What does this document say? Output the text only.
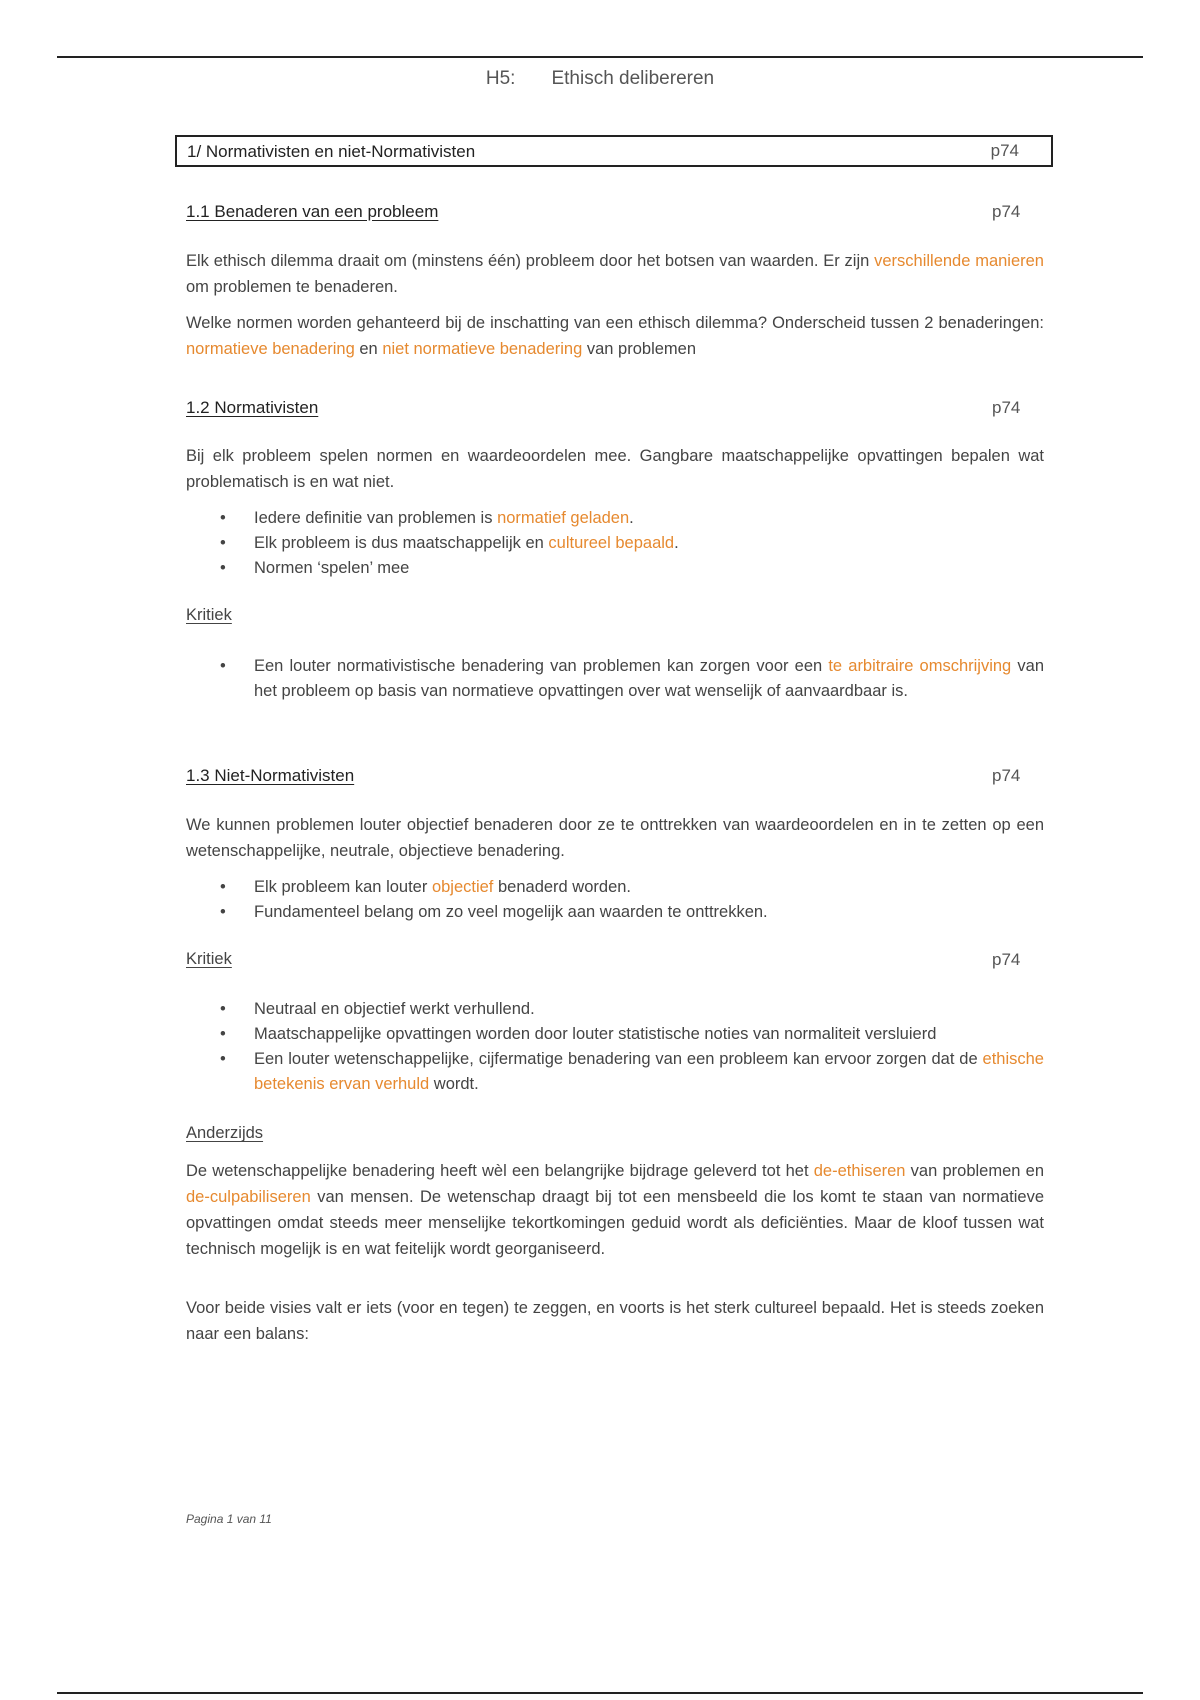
H5: Ethisch delibereren
1/ Normativisten en niet-Normativisten	p74
1.1 Benaderen van een probleem	p74
Elk ethisch dilemma draait om (minstens één) probleem door het botsen van waarden. Er zijn verschillende manieren om problemen te benaderen.
Welke normen worden gehanteerd bij de inschatting van een ethisch dilemma? Onderscheid tussen 2 benaderingen: normatieve benadering en niet normatieve benadering van problemen
1.2 Normativisten	p74
Bij elk probleem spelen normen en waardeoordelen mee. Gangbare maatschappelijke opvattingen bepalen wat problematisch is en wat niet.
• Iedere definitie van problemen is normatief geladen.
• Elk probleem is dus maatschappelijk en cultureel bepaald.
• Normen ‘spelen’ mee
Kritiek
• Een louter normativistische benadering van problemen kan zorgen voor een te arbitraire omschrijving van het probleem op basis van normatieve opvattingen over wat wenselijk of aanvaardbaar is.
1.3 Niet-Normativisten	p74
We kunnen problemen louter objectief benaderen door ze te onttrekken van waardeoordelen en in te zetten op een wetenschappelijke, neutrale, objectieve benadering.
• Elk probleem kan louter objectief benaderd worden.
• Fundamenteel belang om zo veel mogelijk aan waarden te onttrekken.
Kritiek	p74
• Neutraal en objectief werkt verhullend.
• Maatschappelijke opvattingen worden door louter statistische noties van normaliteit versluierd
• Een louter wetenschappelijke, cijfermatige benadering van een probleem kan ervoor zorgen dat de ethische betekenis ervan verhuld wordt.
Anderzijds
De wetenschappelijke benadering heeft wèl een belangrijke bijdrage geleverd tot het de-ethiseren van problemen en de-culpabiliseren van mensen. De wetenschap draagt bij tot een mensbeeld die los komt te staan van normatieve opvattingen omdat steeds meer menselijke tekortkomingen geduid wordt als deficiënties. Maar de kloof tussen wat technisch mogelijk is en wat feitelijk wordt georganiseerd.
Voor beide visies valt er iets (voor en tegen) te zeggen, en voorts is het sterk cultureel bepaald. Het is steeds zoeken naar een balans:
Pagina 1 van 11
